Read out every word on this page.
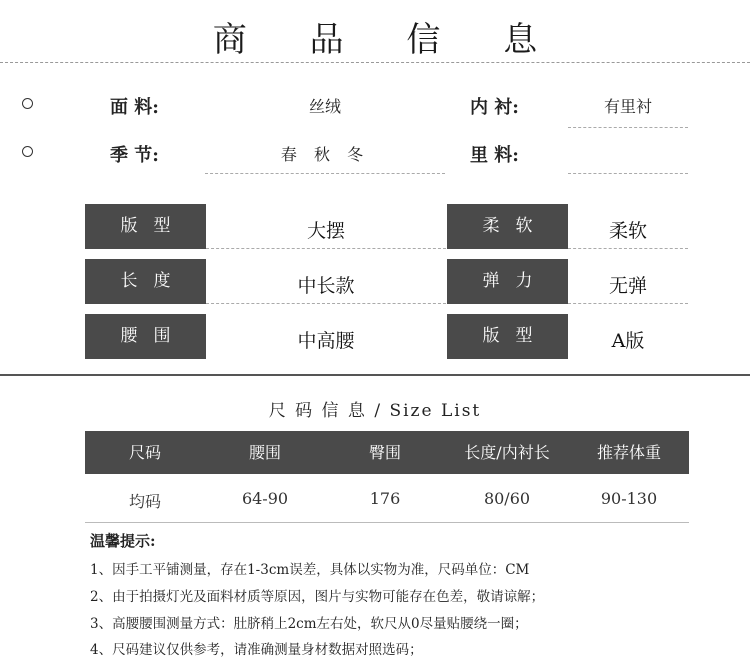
商 品 信 息
面 料:	丝绒	内 衬:	有里衬
季 节:	春 秋 冬	里 料:
版型	大摆	柔软	柔软
长度	中长款	弹力	无弹
腰围	中高腰	版型	A版
尺 码 信 息 / Size List
尺码	腰围	臀围	长度/内衬长	推荐体重
均码	64-90	176	80/60	90-130
温馨提示:
1、因手工平铺测量，存在1-3cm误差，具体以实物为准，尺码单位：CM
2、由于拍摄灯光及面料材质等原因，图片与实物可能存在色差，敬请谅解；
3、高腰腰围测量方式：肚脐稍上2cm左右处，软尺从0尽量贴腰绕一圈；
4、尺码建议仅供参考，请准确测量身材数据对照选码；
